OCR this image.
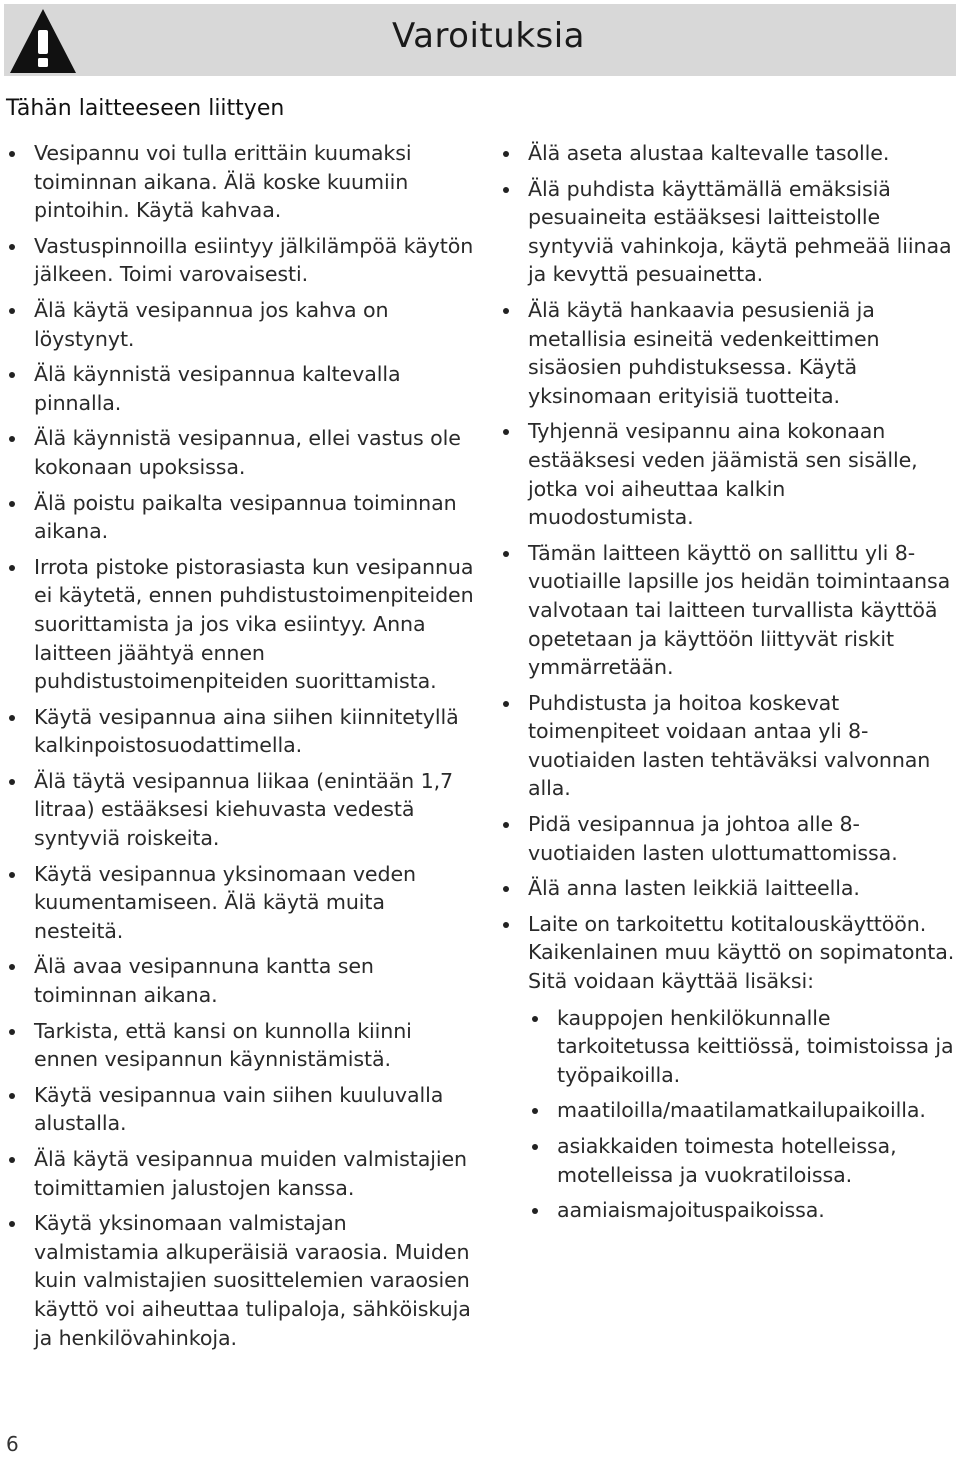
Varoituksia
Tähän laitteeseen liittyen
Vesipannu voi tulla erittäin kuumaksi toiminnan aikana. Älä koske kuumiin pintoihin. Käytä kahvaa.
Vastuspinnoilla esiintyy jälkilämpöä käytön jälkeen. Toimi varovaisesti.
Älä käytä vesipannua jos kahva on löystynyt.
Älä käynnistä vesipannua kaltevalla pinnalla.
Älä käynnistä vesipannua, ellei vastus ole kokonaan upoksissa.
Älä poistu paikalta vesipannua toiminnan aikana.
Irrota pistoke pistorasiasta kun vesipannua ei käytetä, ennen puhdistustoimenpiteiden suorittamista ja jos vika esiintyy. Anna laitteen jäähtyä ennen puhdistustoimenpiteiden suorittamista.
Käytä vesipannua aina siihen kiinnitetyllä kalkinpoistosuodattimella.
Älä täytä vesipannua liikaa (enintään 1,7 litraa) estääksesi kiehuvasta vedestä syntyviä roiskeita.
Käytä vesipannua yksinomaan veden kuumentamiseen. Älä käytä muita nesteitä.
Älä avaa vesipannuna kantta sen toiminnan aikana.
Tarkista, että kansi on kunnolla kiinni ennen vesipannun käynnistämistä.
Käytä vesipannua vain siihen kuuluvalla alustalla.
Älä käytä vesipannua muiden valmistajien toimittamien jalustojen kanssa.
Käytä yksinomaan valmistajan valmistamia alkuperäisiä varaosia. Muiden kuin valmistajien suosittelemien varaosien käyttö voi aiheuttaa tulipaloja, sähköiskuja ja henkilövahinkoja.
Älä aseta alustaa kaltevalle tasolle.
Älä puhdista käyttämällä emäksisiä pesuaineita estääksesi laitteistolle syntyviä vahinkoja, käytä pehmeää liinaa ja kevyttä pesuainetta.
Älä käytä hankaavia pesusieniä ja metallisia esineitä vedenkeittimen sisäosien puhdistuksessa. Käytä yksinomaan erityisiä tuotteita.
Tyhjennä vesipannu aina kokonaan estääksesi veden jäämistä sen sisälle, jotka voi aiheuttaa kalkin muodostumista.
Tämän laitteen käyttö on sallittu yli 8-vuotiaille lapsille jos heidän toimintaansa valvotaan tai laitteen turvallista käyttöä opetetaan ja käyttöön liittyvät riskit ymmärretään.
Puhdistusta ja hoitoa koskevat toimenpiteet voidaan antaa yli 8-vuotiaiden lasten tehtäväksi valvonnan alla.
Pidä vesipannua ja johtoa alle 8-vuotiaiden lasten ulottumattomissa.
Älä anna lasten leikkiä laitteella.
Laite on tarkoitettu kotitalouskäyttöön. Kaikenlainen muu käyttö on sopimatonta. Sitä voidaan käyttää lisäksi:
kauppojen henkilökunnalle tarkoitetussa keittiössä, toimistoissa ja työpaikoilla.
maatiloilla/maatilamatkailupaikoilla.
asiakkaiden toimesta hotelleissa, motelleissa ja vuokratiloissa.
aamiaismajoituspaikoissa.
6
